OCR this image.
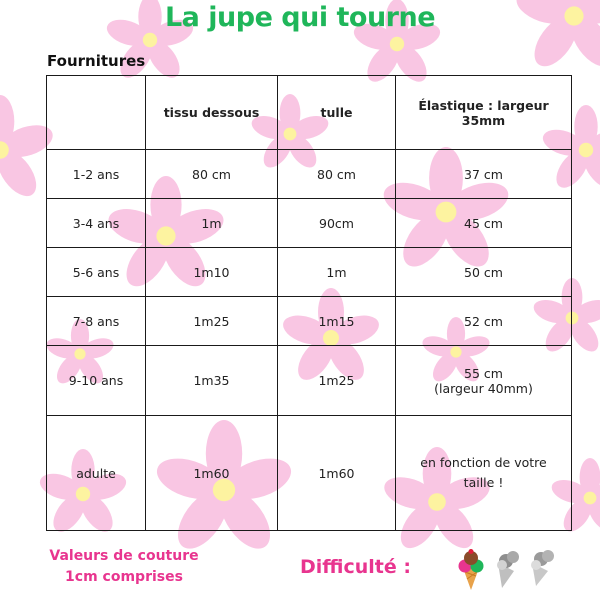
La jupe qui tourne
Fournitures
	tissu dessous	tulle	Élastique : largeur 35mm
1-2 ans	80 cm	80 cm	37 cm
3-4 ans	1m	90cm	45 cm
5-6 ans	1m10	1m	50 cm
7-8 ans	1m25	1m15	52 cm
9-10 ans	1m35	1m25	55 cm
(largeur 40mm)

adulte	1m60	1m60	en fonction de votre taille !
Valeurs de couture
1cm comprises	Difficulté :
